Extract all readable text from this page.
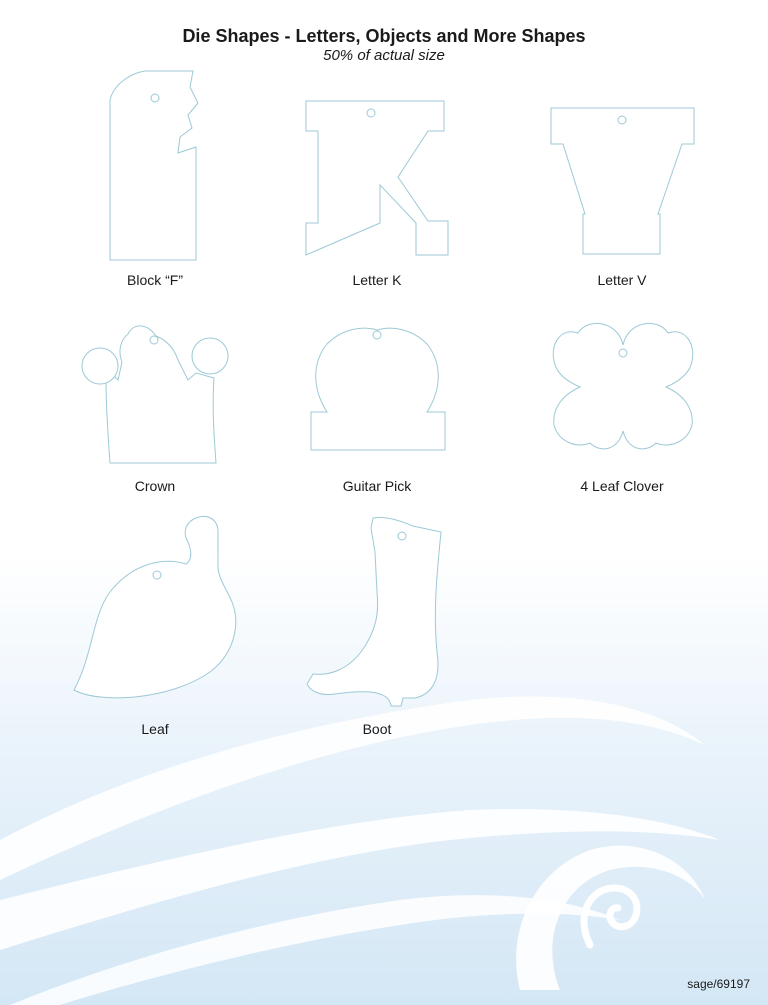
Die Shapes - Letters, Objects and More Shapes
50% of actual size
Block “F”	Letter K	Letter V
Crown	Guitar Pick	4 Leaf Clover
Leaf	Boot
sage/69197
